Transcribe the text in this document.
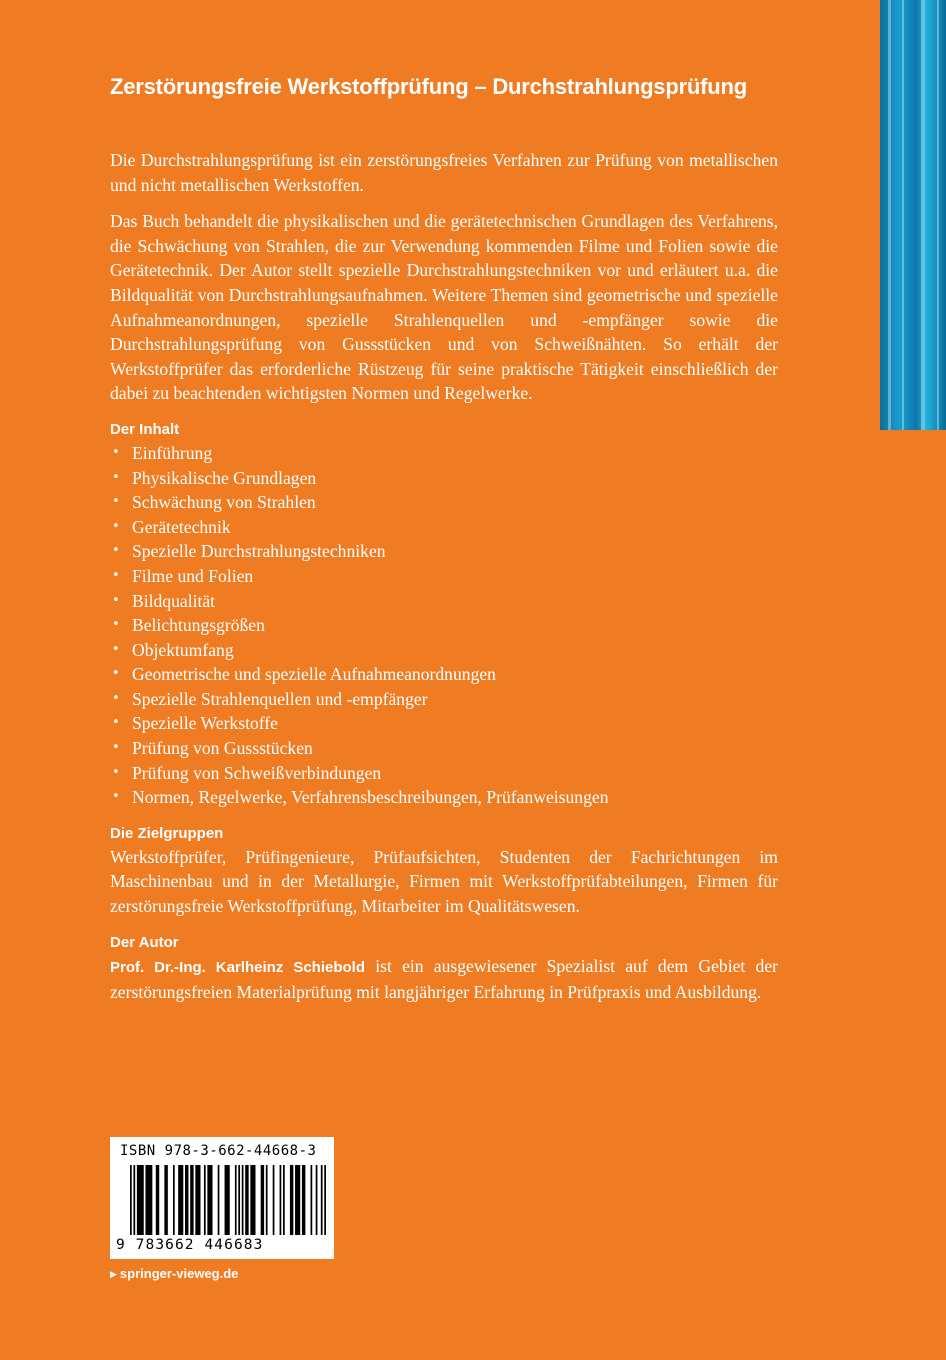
Zerstörungsfreie Werkstoffprüfung – Durchstrahlungsprüfung

Die Durchstrahlungsprüfung ist ein zerstörungsfreies Verfahren zur Prüfung von metallischen und nicht metallischen Werkstoffen.

Das Buch behandelt die physikalischen und die gerätetechnischen Grundlagen des Verfahrens, die Schwächung von Strahlen, die zur Verwendung kommenden Filme und Folien sowie die Gerätetechnik. Der Autor stellt spezielle Durchstrahlungstechniken vor und erläutert u.a. die Bildqualität von Durchstrahlungsaufnahmen. Weitere Themen sind geometrische und spezielle Aufnahmeanordnungen, spezielle Strahlenquellen und -empfänger sowie die Durchstrahlungsprüfung von Gussstücken und von Schweißnähten. So erhält der Werkstoffprüfer das erforderliche Rüstzeug für seine praktische Tätigkeit einschließlich der dabei zu beachtenden wichtigsten Normen und Regelwerke.

Der Inhalt
• Einführung
• Physikalische Grundlagen
• Schwächung von Strahlen
• Gerätetechnik
• Spezielle Durchstrahlungstechniken
• Filme und Folien
• Bildqualität
• Belichtungsgrößen
• Objektumfang
• Geometrische und spezielle Aufnahmeanordnungen
• Spezielle Strahlenquellen und -empfänger
• Spezielle Werkstoffe
• Prüfung von Gussstücken
• Prüfung von Schweißverbindungen
• Normen, Regelwerke, Verfahrensbeschreibungen, Prüfanweisungen
Die Zielgruppen

Werkstoffprüfer, Prüfingenieure, Prüfaufsichten, Studenten der Fachrichtungen im Maschinenbau und in der Metallurgie, Firmen mit Werkstoffprüfabteilungen, Firmen für zerstörungsfreie Werkstoffprüfung, Mitarbeiter im Qualitätswesen.

Der Autor

Prof. Dr.-Ing. Karlheinz Schiebold ist ein ausgewiesener Spezialist auf dem Gebiet der zerstörungsfreien Materialprüfung mit langjähriger Erfahrung in Prüfpraxis und Ausbildung.

ISBN 978-3-662-44668-3
9 783662 446683
▶ springer-vieweg.de
